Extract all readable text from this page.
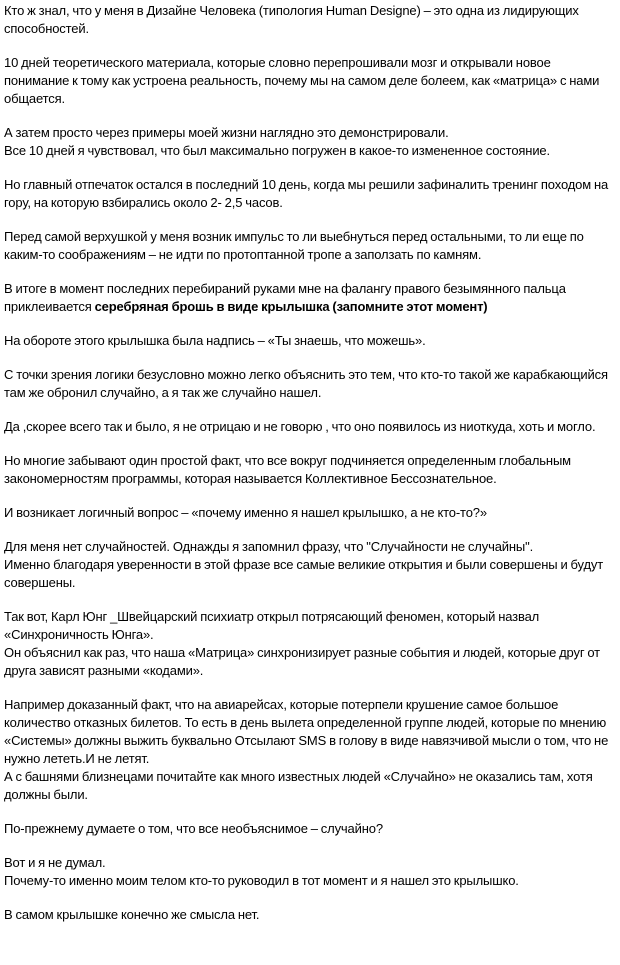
Кто ж знал, что у меня в Дизайне Человека (типология Human Designe) – это одна из лидирующих способностей.

10 дней теоретического материала, которые словно перепрошивали мозг и открывали новое понимание к тому как устроена реальность, почему мы на самом деле болеем, как «матрица» с нами общается.

А затем просто через примеры моей жизни наглядно это демонстрировали.
Все 10 дней я чувствовал, что был максимально погружен в какое-то измененное состояние.

Но главный отпечаток остался в последний 10 день, когда мы решили зафиналить тренинг походом на гору, на которую взбирались около 2- 2,5 часов.

Перед самой верхушкой у меня возник импульс то ли выебнуться перед остальными, то ли еще по каким-то соображениям – не идти по протоптанной тропе а заползать по камням.

В итоге в момент последних перебираний руками мне на фалангу правого безымянного пальца приклеивается серебряная брошь в виде крылышка (запомните этот момент)

На обороте этого крылышка была надпись – «Ты знаешь, что можешь».

С точки зрения логики безусловно можно легко объяснить это тем, что кто-то такой же карабкающийся там же обронил случайно, а я так же случайно нашел.

Да ,скорее всего так и было, я не отрицаю и не говорю , что оно появилось из ниоткуда, хоть и могло.

Но многие забывают один простой факт, что все вокруг подчиняется определенным глобальным закономерностям программы, которая называется Коллективное Бессознательное.

И возникает логичный вопрос – «почему именно я нашел крылышко, а не кто-то?»

Для меня нет случайностей. Однажды я запомнил фразу, что "Случайности не случайны".
Именно благодаря уверенности в этой фразе все самые великие открытия и были совершены и будут совершены.

Так вот, Карл Юнг _Швейцарский психиатр открыл потрясающий феномен, который назвал «Синхроничность Юнга».
Он объяснил как раз, что наша «Матрица» синхронизирует разные события и людей, которые друг от друга зависят разными «кодами».

Например доказанный факт, что на авиарейсах, которые потерпели крушение самое большое количество отказных билетов. То есть в день вылета определенной группе людей, которые по мнению «Системы» должны выжить буквально Отсылают SMS в голову в виде навязчивой мысли о том, что не нужно лететь.И не летят.
А с башнями близнецами почитайте как много известных людей «Случайно» не оказались там, хотя должны были.

По-прежнему думаете о том, что все необъяснимое – случайно?

Вот и я не думал.
Почему-то именно моим телом кто-то руководил в тот момент и я нашел это крылышко.

В самом крылышке конечно же смысла нет.
